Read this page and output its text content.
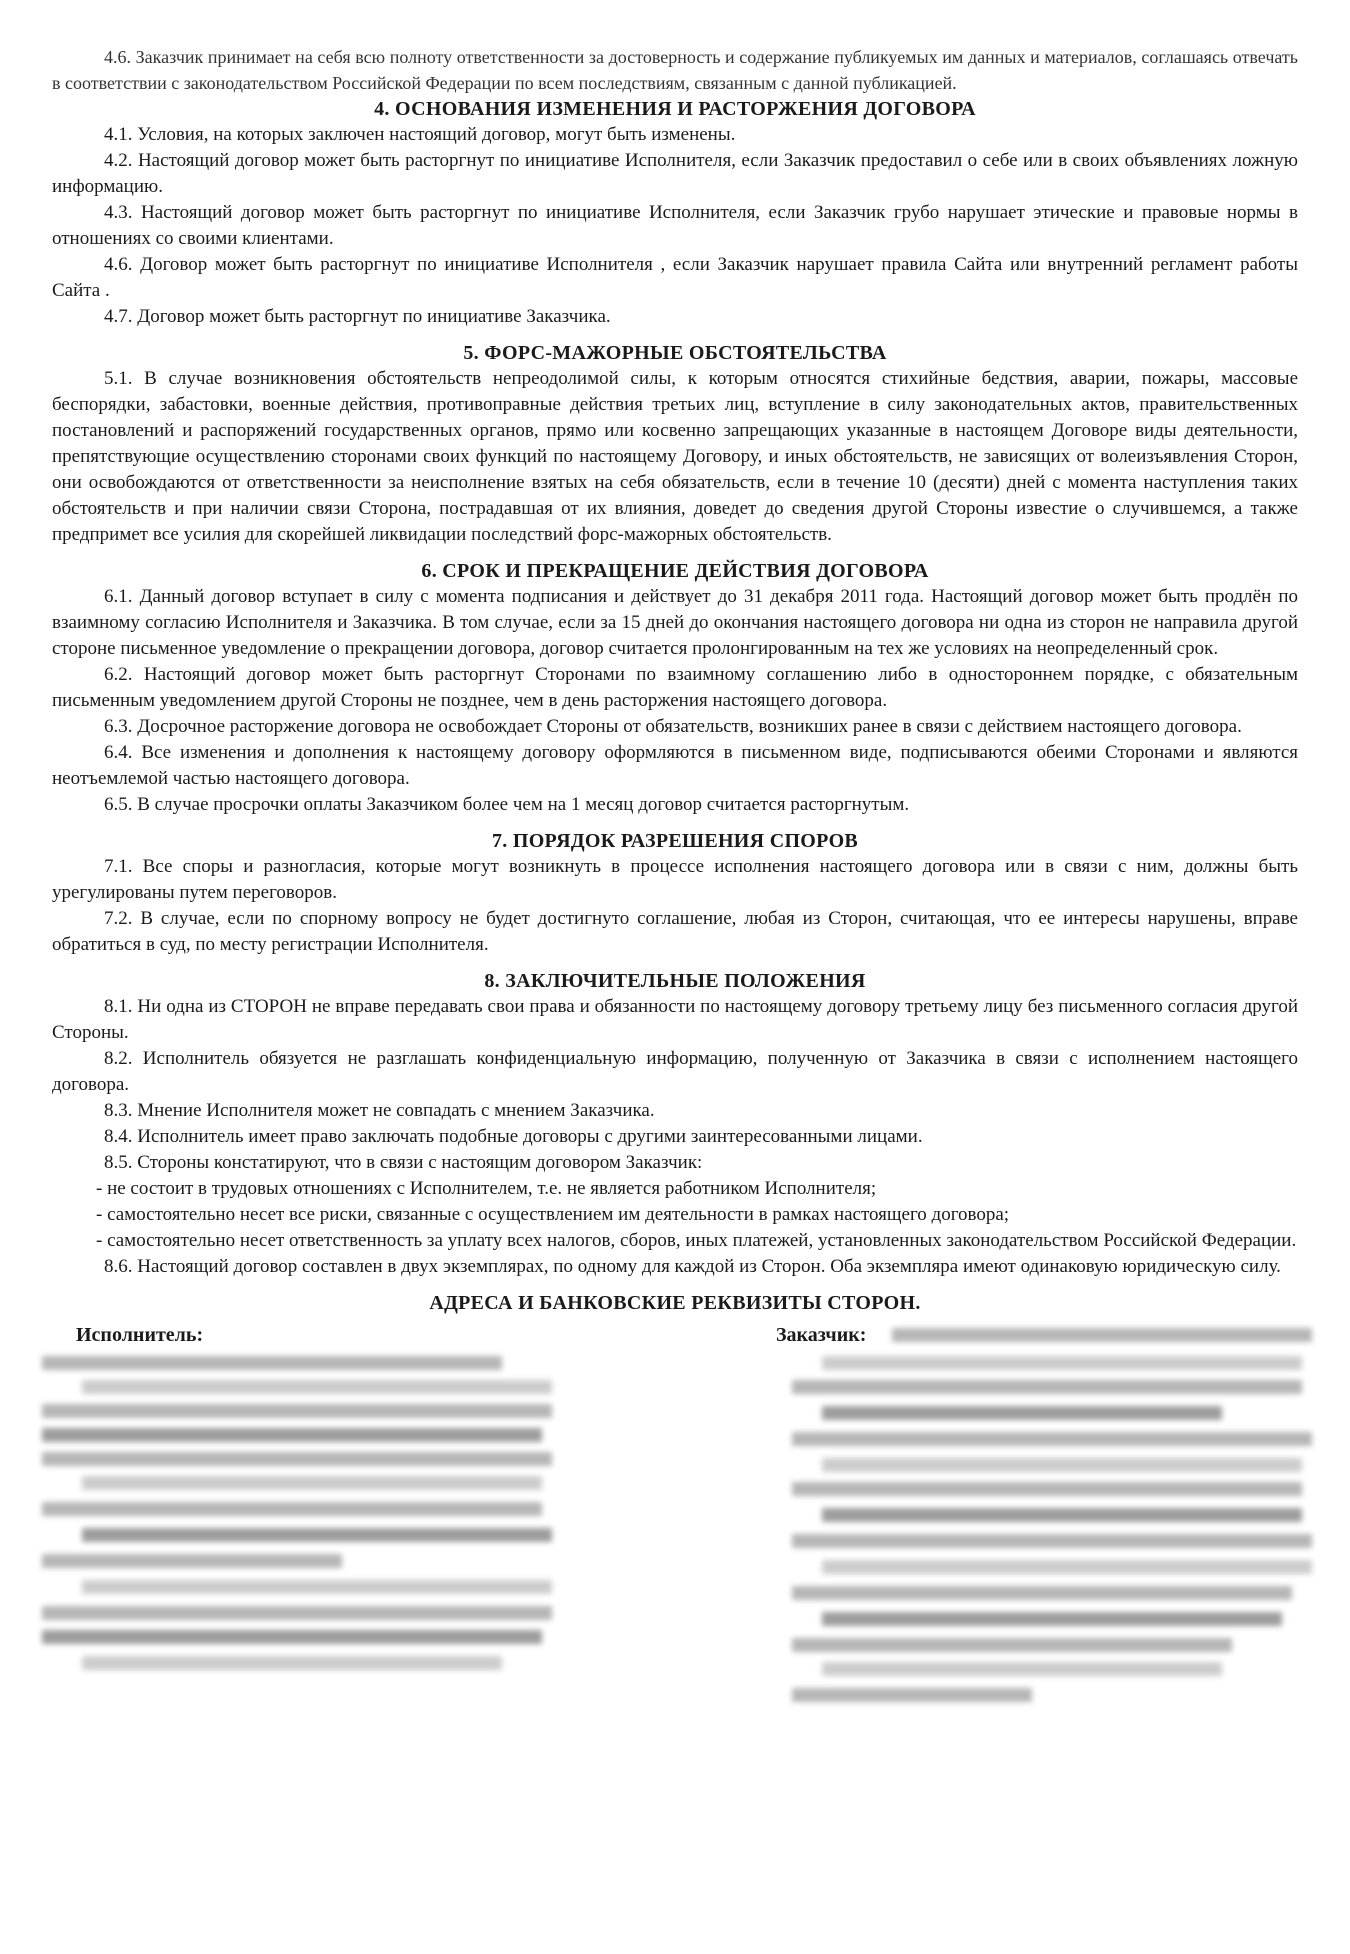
4.6. Заказчик принимает на себя всю полноту ответственности за достоверность и содержание публикуемых им данных и материалов, соглашаясь отвечать в соответствии с законодательством Российской Федерации по всем последствиям, связанным с данной публикацией.

4. ОСНОВАНИЯ ИЗМЕНЕНИЯ И РАСТОРЖЕНИЯ ДОГОВОРА

4.1. Условия, на которых заключен настоящий договор, могут быть изменены.

4.2. Настоящий договор может быть расторгнут по инициативе Исполнителя, если Заказчик предоставил о себе или в своих объявлениях ложную информацию.

4.3. Настоящий договор может быть расторгнут по инициативе Исполнителя, если Заказчик грубо нарушает этические и правовые нормы в отношениях со своими клиентами.

4.6. Договор может быть расторгнут по инициативе Исполнителя , если Заказчик нарушает правила Сайта или внутренний регламент работы Сайта .

4.7. Договор может быть расторгнут по инициативе Заказчика.

5. ФОРС-МАЖОРНЫЕ ОБСТОЯТЕЛЬСТВА

5.1. В случае возникновения обстоятельств непреодолимой силы, к которым относятся стихийные бедствия, аварии, пожары, массовые беспорядки, забастовки, военные действия, противоправные действия третьих лиц, вступление в силу законодательных актов, правительственных постановлений и распоряжений государственных органов, прямо или косвенно запрещающих указанные в настоящем Договоре виды деятельности, препятствующие осуществлению сторонами своих функций по настоящему Договору, и иных обстоятельств, не зависящих от волеизъявления Сторон, они освобождаются от ответственности за неисполнение взятых на себя обязательств, если в течение 10 (десяти) дней с момента наступления таких обстоятельств и при наличии связи Сторона, пострадавшая от их влияния, доведет до сведения другой Стороны известие о случившемся, а также предпримет все усилия для скорейшей ликвидации последствий форс-мажорных обстоятельств.

6. СРОК И ПРЕКРАЩЕНИЕ ДЕЙСТВИЯ ДОГОВОРА

6.1. Данный договор вступает в силу с момента подписания и действует до 31 декабря 2011 года. Настоящий договор может быть продлён по взаимному согласию Исполнителя и Заказчика. В том случае, если за 15 дней до окончания настоящего договора ни одна из сторон не направила другой стороне письменное уведомление о прекращении договора, договор считается пролонгированным на тех же условиях на неопределенный срок.

6.2. Настоящий договор может быть расторгнут Сторонами по взаимному соглашению либо в одностороннем порядке, с обязательным письменным уведомлением другой Стороны не позднее, чем в день расторжения настоящего договора.

6.3. Досрочное расторжение договора не освобождает Стороны от обязательств, возникших ранее в связи с действием настоящего договора.

6.4. Все изменения и дополнения к настоящему договору оформляются в письменном виде, подписываются обеими Сторонами и являются неотъемлемой частью настоящего договора.

6.5. В случае просрочки оплаты Заказчиком более чем на 1 месяц договор считается расторгнутым.

7. ПОРЯДОК РАЗРЕШЕНИЯ СПОРОВ

7.1. Все споры и разногласия, которые могут возникнуть в процессе исполнения настоящего договора или в связи с ним, должны быть урегулированы путем переговоров.

7.2. В случае, если по спорному вопросу не будет достигнуто соглашение, любая из Сторон, считающая, что ее интересы нарушены, вправе обратиться в суд, по месту регистрации Исполнителя.

8. ЗАКЛЮЧИТЕЛЬНЫЕ ПОЛОЖЕНИЯ

8.1. Ни одна из СТОРОН не вправе передавать свои права и обязанности по настоящему договору третьему лицу без письменного согласия другой Стороны.

8.2. Исполнитель обязуется не разглашать конфиденциальную информацию, полученную от Заказчика в связи с исполнением настоящего договора.

8.3. Мнение Исполнителя может не совпадать с мнением Заказчика.

8.4. Исполнитель имеет право заключать подобные договоры с другими заинтересованными лицами.

8.5. Стороны констатируют, что в связи с настоящим договором Заказчик:

- не состоит в трудовых отношениях с Исполнителем, т.е. не является работником Исполнителя;

- самостоятельно несет все риски, связанные с осуществлением им деятельности в рамках настоящего договора;

- самостоятельно несет ответственность за уплату всех налогов, сборов, иных платежей, установленных законодательством Российской Федерации.

8.6. Настоящий договор составлен в двух экземплярах, по одному для каждой из Сторон. Оба экземпляра имеют одинаковую юридическую силу.

АДРЕСА И БАНКОВСКИЕ РЕКВИЗИТЫ СТОРОН.
Исполнитель:	Заказчик:
